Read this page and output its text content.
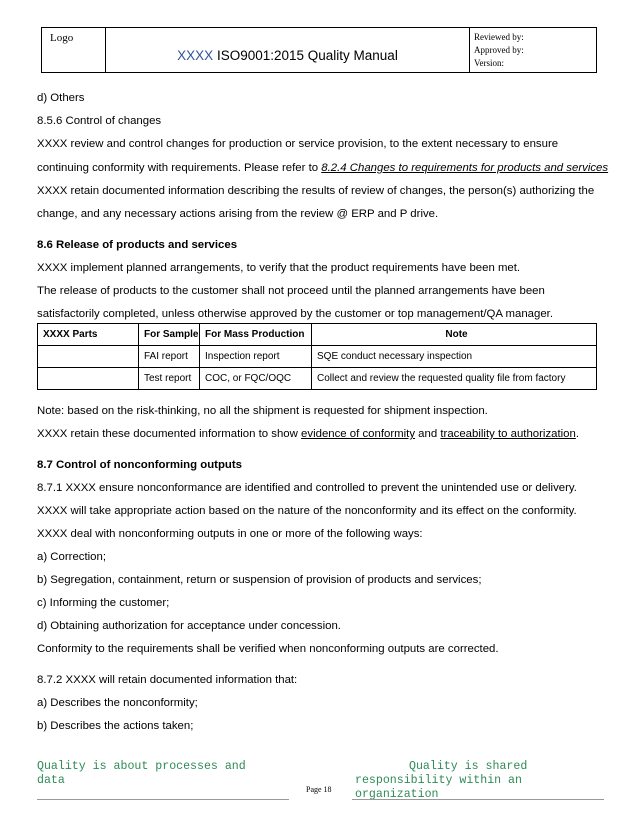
Logo	XXXX ISO9001:2015 Quality Manual	
Reviewed by:
Approved by:
Version:
d) Others
8.5.6 Control of changes
XXXX review and control changes for production or service provision, to the extent necessary to ensure
continuing conformity with requirements. Please refer to 8.2.4 Changes to requirements for products and services
XXXX retain documented information describing the results of review of changes, the person(s) authorizing the
change, and any necessary actions arising from the review @ ERP and P drive.
8.6 Release of products and services
XXXX implement planned arrangements, to verify that the product requirements have been met.
The release of products to the customer shall not proceed until the planned arrangements have been
satisfactorily completed, unless otherwise approved by the customer or top management/QA manager.
Note: based on the risk-thinking, no all the shipment is requested for shipment inspection.
XXXX retain these documented information to show evidence of conformity and traceability to authorization.
8.7 Control of nonconforming outputs
8.7.1 XXXX ensure nonconformance are identified and controlled to prevent the unintended use or delivery.
XXXX will take appropriate action based on the nature of the nonconformity and its effect on the conformity.
XXXX deal with nonconforming outputs in one or more of the following ways:
a) Correction;
b) Segregation, containment, return or suspension of provision of products and services;
c) Informing the customer;
d) Obtaining authorization for acceptance under concession.
Conformity to the requirements shall be verified when nonconforming outputs are corrected.
8.7.2 XXXX will retain documented information that:
a) Describes the nonconformity;
b) Describes the actions taken;
XXXX Parts	For Sample	For Mass Production	Note
	FAI report	Inspection report	SQE conduct necessary inspection
	Test report	COC, or FQC/OQC	Collect and review the requested quality file from factory
Quality is about processes and
data
Quality is shared
responsibility within an
organization
Page 18
